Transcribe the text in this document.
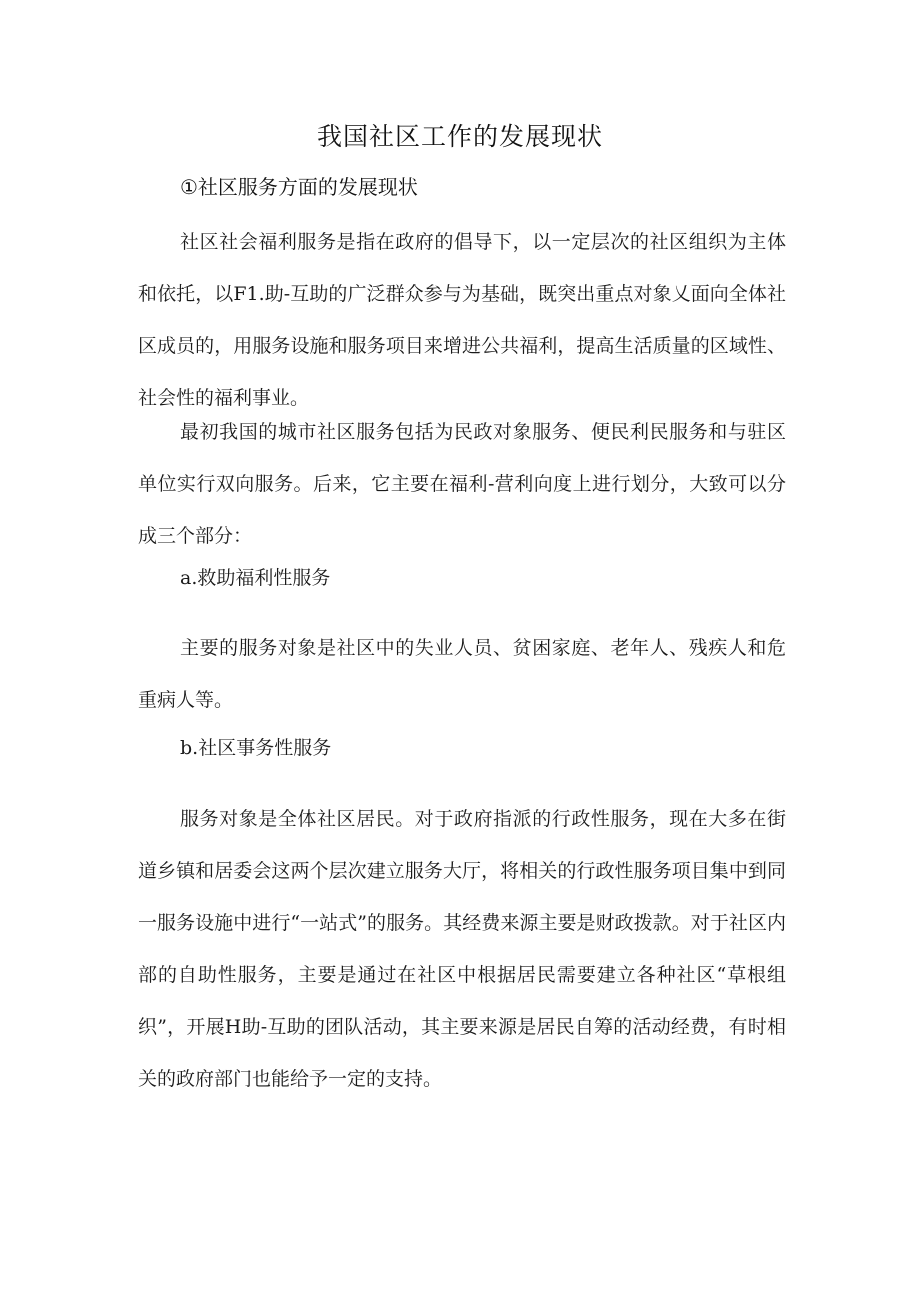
我国社区工作的发展现状
①社区服务方面的发展现状

社区社会福利服务是指在政府的倡导下，以一定层次的社区组织为主体和依托，以F1.助-互助的广泛群众参与为基础，既突出重点对象乂面向全体社区成员的，用服务设施和服务项目来增进公共福利，提高生活质量的区域性、社会性的福利事业。

最初我国的城市社区服务包括为民政对象服务、便民利民服务和与驻区单位实行双向服务。后来，它主要在福利-营利向度上进行划分，大致可以分成三个部分：

a.救助福利性服务

主要的服务对象是社区中的失业人员、贫困家庭、老年人、残疾人和危重病人等。

b.社区事务性服务

服务对象是全体社区居民。对于政府指派的行政性服务，现在大多在街道乡镇和居委会这两个层次建立服务大厅，将相关的行政性服务项目集中到同一服务设施中进行“一站式”的服务。其经费来源主要是财政拨款。对于社区内部的自助性服务，主要是通过在社区中根据居民需要建立各种社区“草根组织”，开展H助-互助的团队活动，其主要来源是居民自筹的活动经费，有时相关的政府部门也能给予一定的支持。
